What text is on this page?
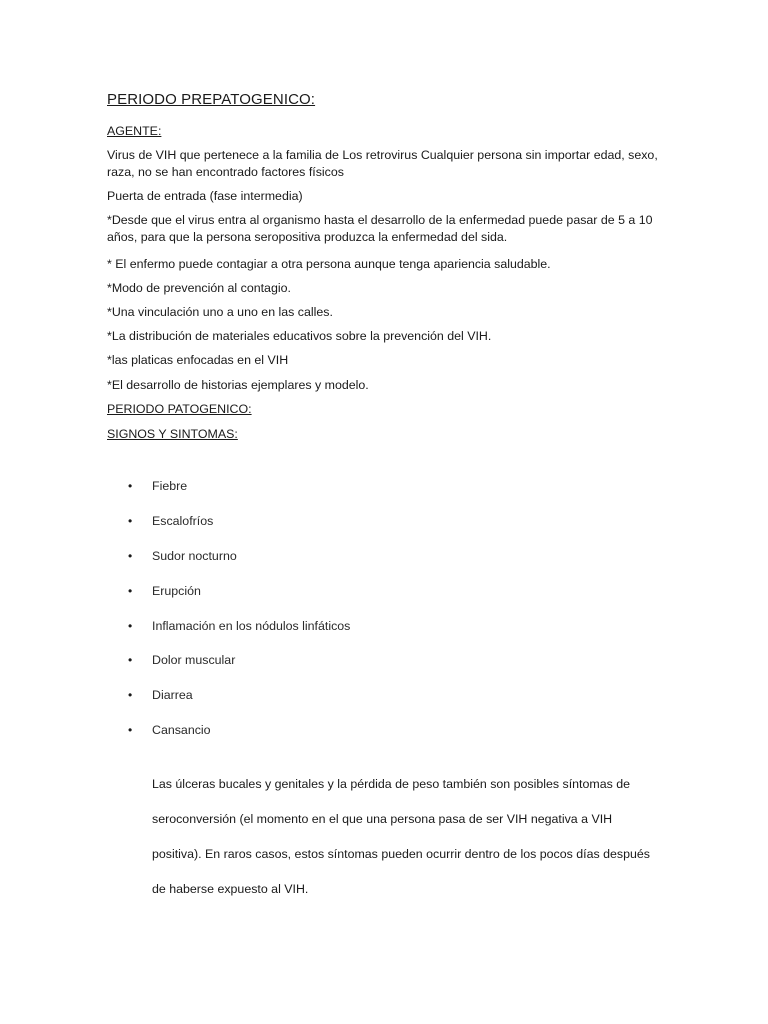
PERIODO PREPATOGENICO:

AGENTE:

Virus de VIH que pertenece a la familia de Los retrovirus Cualquier persona sin importar edad, sexo,
raza, no se han encontrado factores físicos

Puerta de entrada (fase intermedia)

*Desde que el virus entra al organismo hasta el desarrollo de la enfermedad puede pasar de 5 a 10
años, para que la persona seropositiva produzca la enfermedad del sida.

* El enfermo puede contagiar a otra persona aunque tenga apariencia saludable.

*Modo de prevención al contagio.

*Una vinculación uno a uno en las calles.

*La distribución de materiales educativos sobre la prevención del VIH.

*las platicas enfocadas en el VIH

*El desarrollo de historias ejemplares y modelo.

PERIODO PATOGENICO:

SIGNOS Y SINTOMAS:

•	Fiebre
•	Escalofríos
•	Sudor nocturno
•	Erupción
•	Inflamación en los nódulos linfáticos
•	Dolor muscular
•	Diarrea
•	Cansancio

Las úlceras bucales y genitales y la pérdida de peso también son posibles síntomas de
seroconversión (el momento en el que una persona pasa de ser VIH negativa a VIH
positiva). En raros casos, estos síntomas pueden ocurrir dentro de los pocos días después
de haberse expuesto al VIH.
